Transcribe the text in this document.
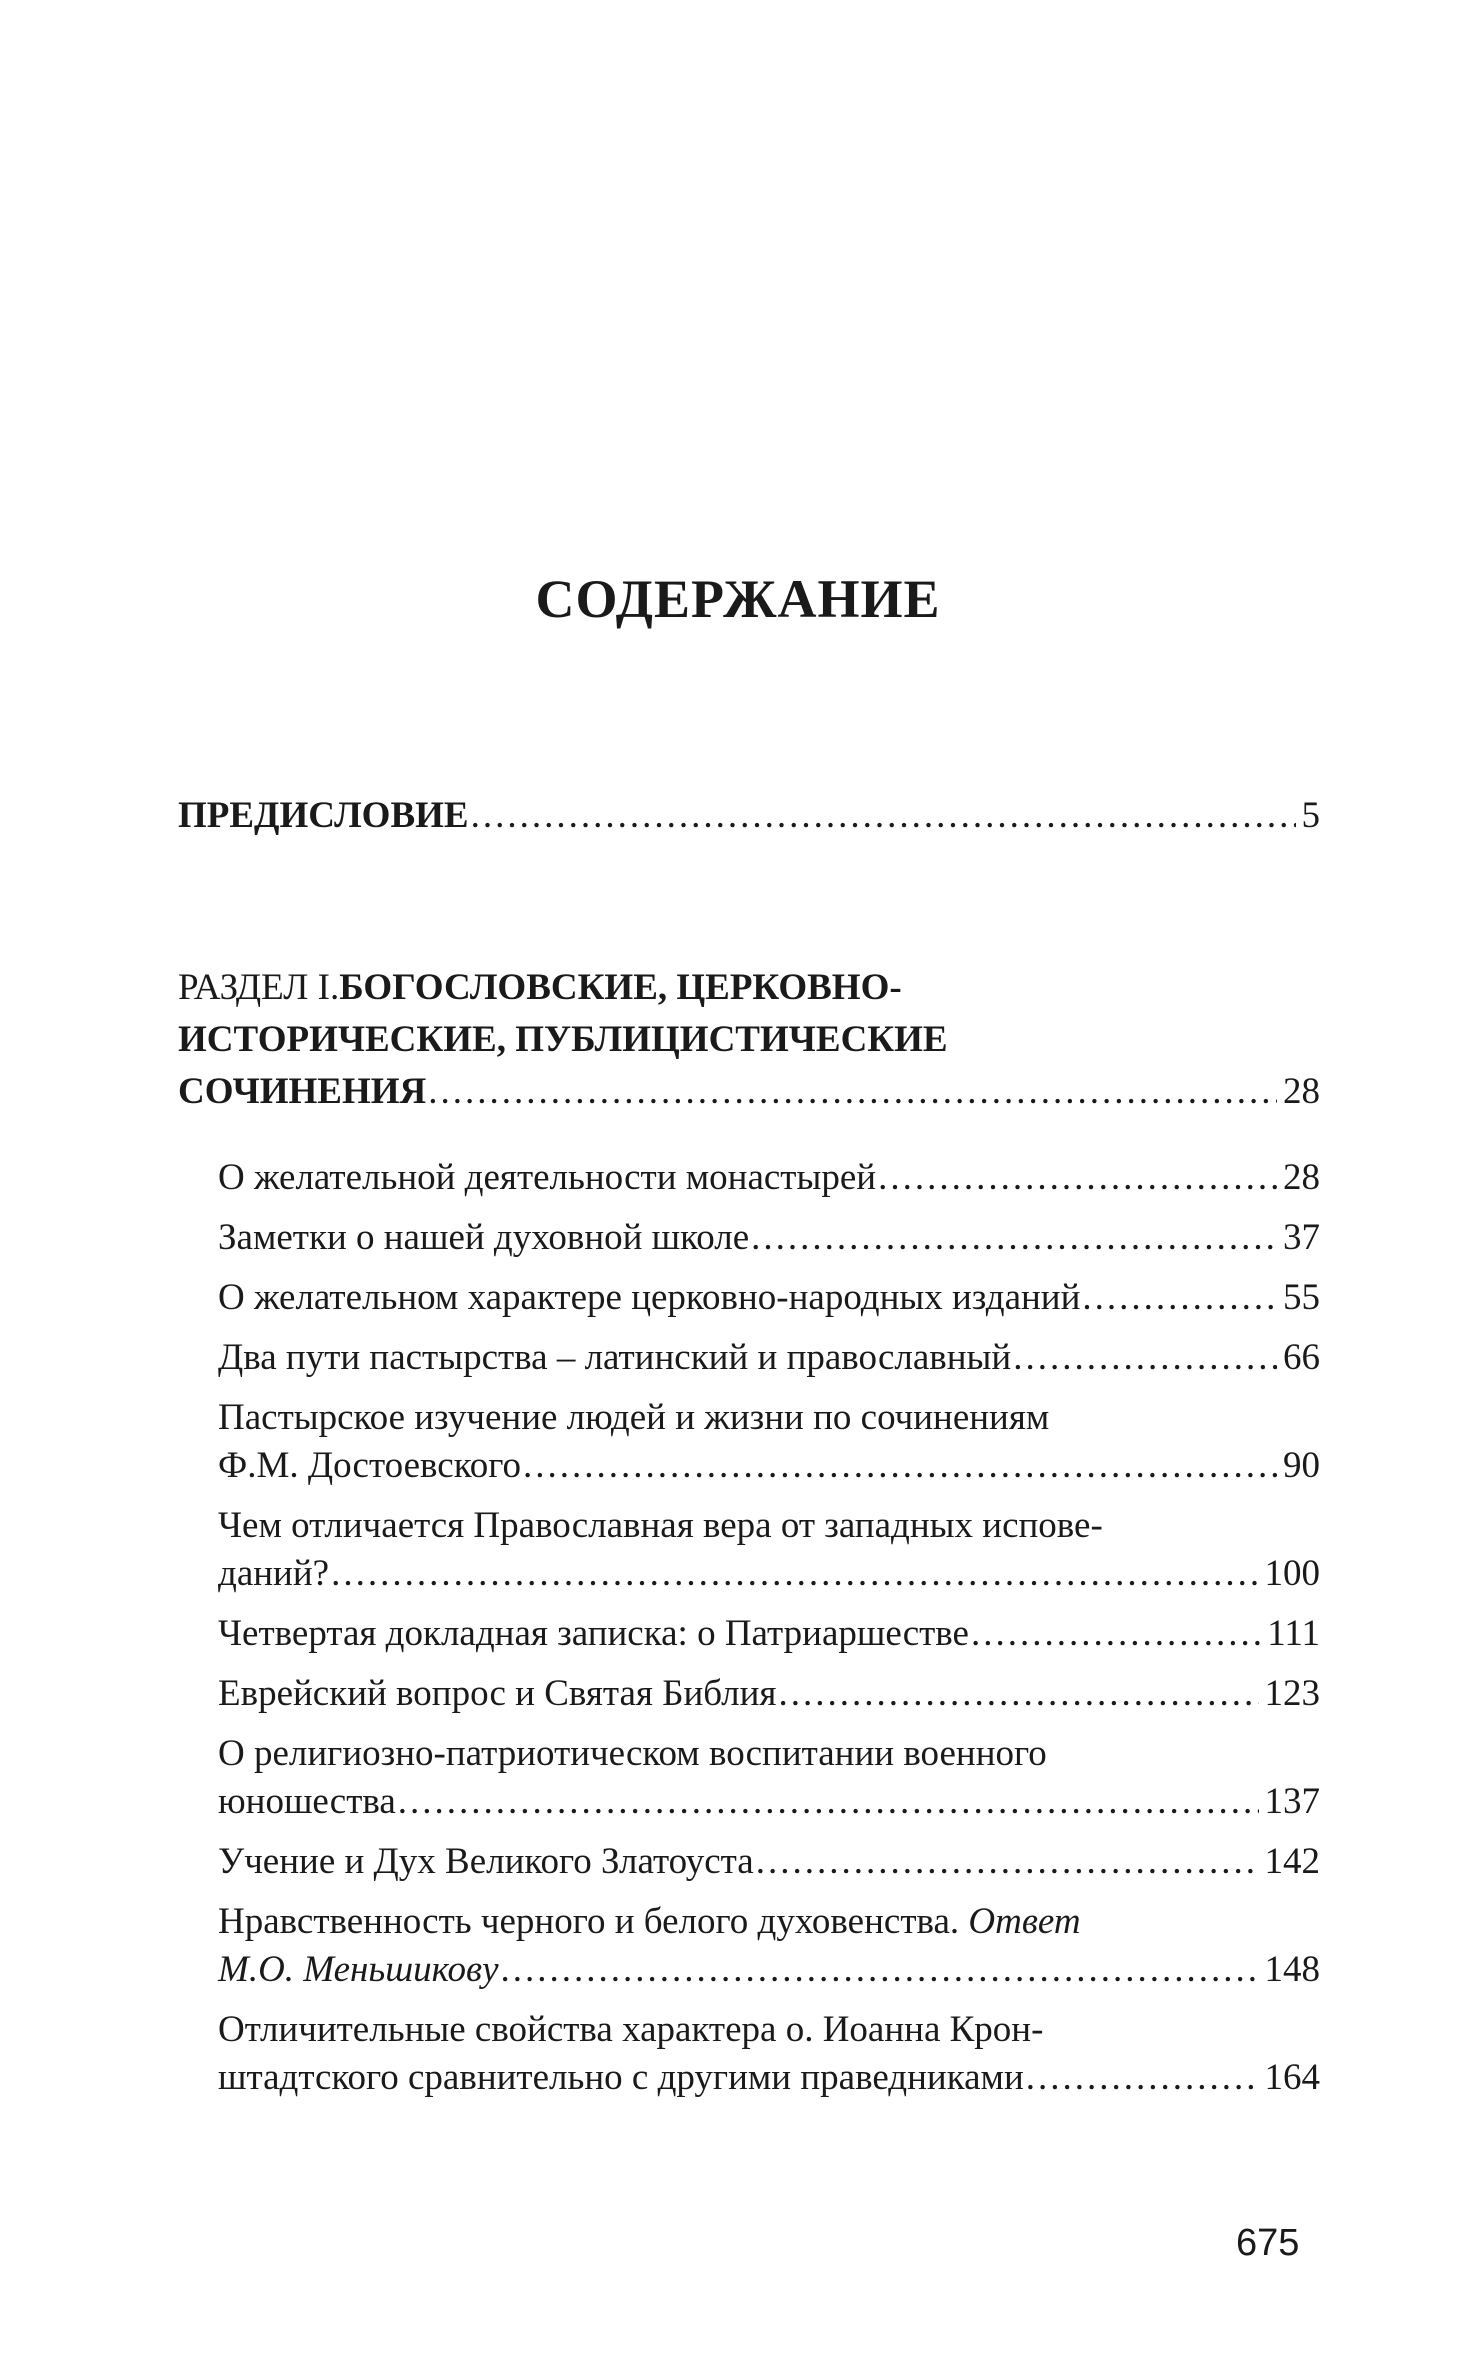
СОДЕРЖАНИЕ
ПРЕДИСЛОВИЕ .....	5
РАЗДЕЛ I. БОГОСЛОВСКИЕ, ЦЕРКОВНО-
ИСТОРИЧЕСКИЕ, ПУБЛИЦИСТИЧЕСКИЕ
СОЧИНЕНИЯ .....	28
О желательной деятельности монастырей .....	28
Заметки о нашей духовной школе .....	37
О желательном характере церковно-народных изданий .....	55
Два пути пастырства – латинский и православный .....	66
Пастырское изучение людей и жизни по сочинениям
Ф.М. Достоевского .....	90
Чем отличается Православная вера от западных испове-
даний? .....	100
Четвертая докладная записка: о Патриаршестве .....	111
Еврейский вопрос и Святая Библия .....	123
О религиозно-патриотическом воспитании военного
юношества .....	137
Учение и Дух Великого Златоуста .....	142
Нравственность черного и белого духовенства.
Ответ
М.О. Меньшикову .....	148
Отличительные свойства характера о. Иоанна Крон-
штадтского сравнительно с другими праведниками .....	164
675
